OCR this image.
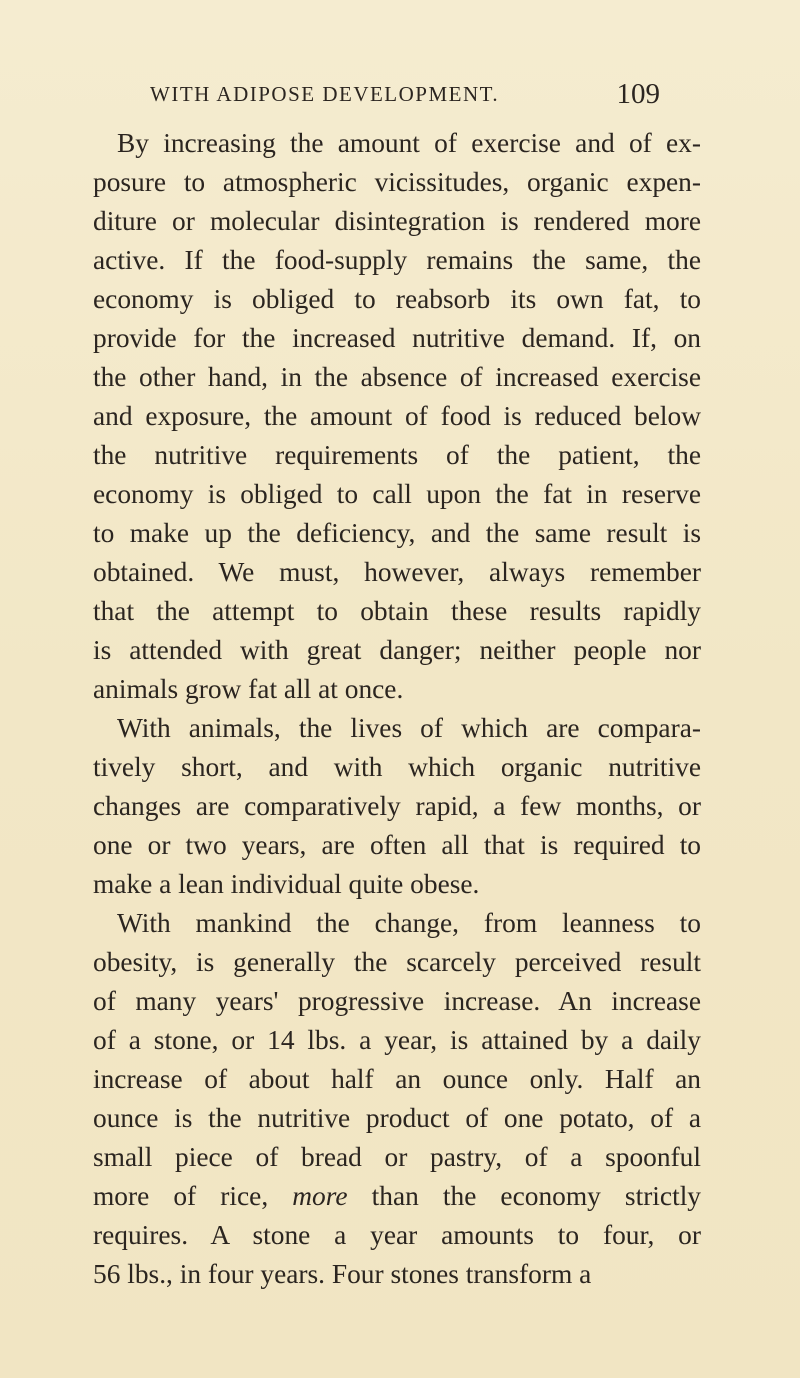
WITH ADIPOSE DEVELOPMENT.	109

By increasing the amount of exercise and of ex-
posure to atmospheric vicissitudes, organic expen-
diture or molecular disintegration is rendered more
active. If the food-supply remains the same, the
economy is obliged to reabsorb its own fat, to
provide for the increased nutritive demand. If, on
the other hand, in the absence of increased exercise
and exposure, the amount of food is reduced below
the nutritive requirements of the patient, the
economy is obliged to call upon the fat in reserve
to make up the deficiency, and the same result is
obtained. We must, however, always remember
that the attempt to obtain these results rapidly
is attended with great danger; neither people nor
animals grow fat all at once.

With animals, the lives of which are compara-
tively short, and with which organic nutritive
changes are comparatively rapid, a few months, or
one or two years, are often all that is required to
make a lean individual quite obese.

With mankind the change, from leanness to
obesity, is generally the scarcely perceived result
of many years' progressive increase. An increase
of a stone, or 14 lbs. a year, is attained by a daily
increase of about half an ounce only. Half an
ounce is the nutritive product of one potato, of a
small piece of bread or pastry, of a spoonful
more of rice, more than the economy strictly
requires. A stone a year amounts to four, or
56 lbs., in four years. Four stones transform a
